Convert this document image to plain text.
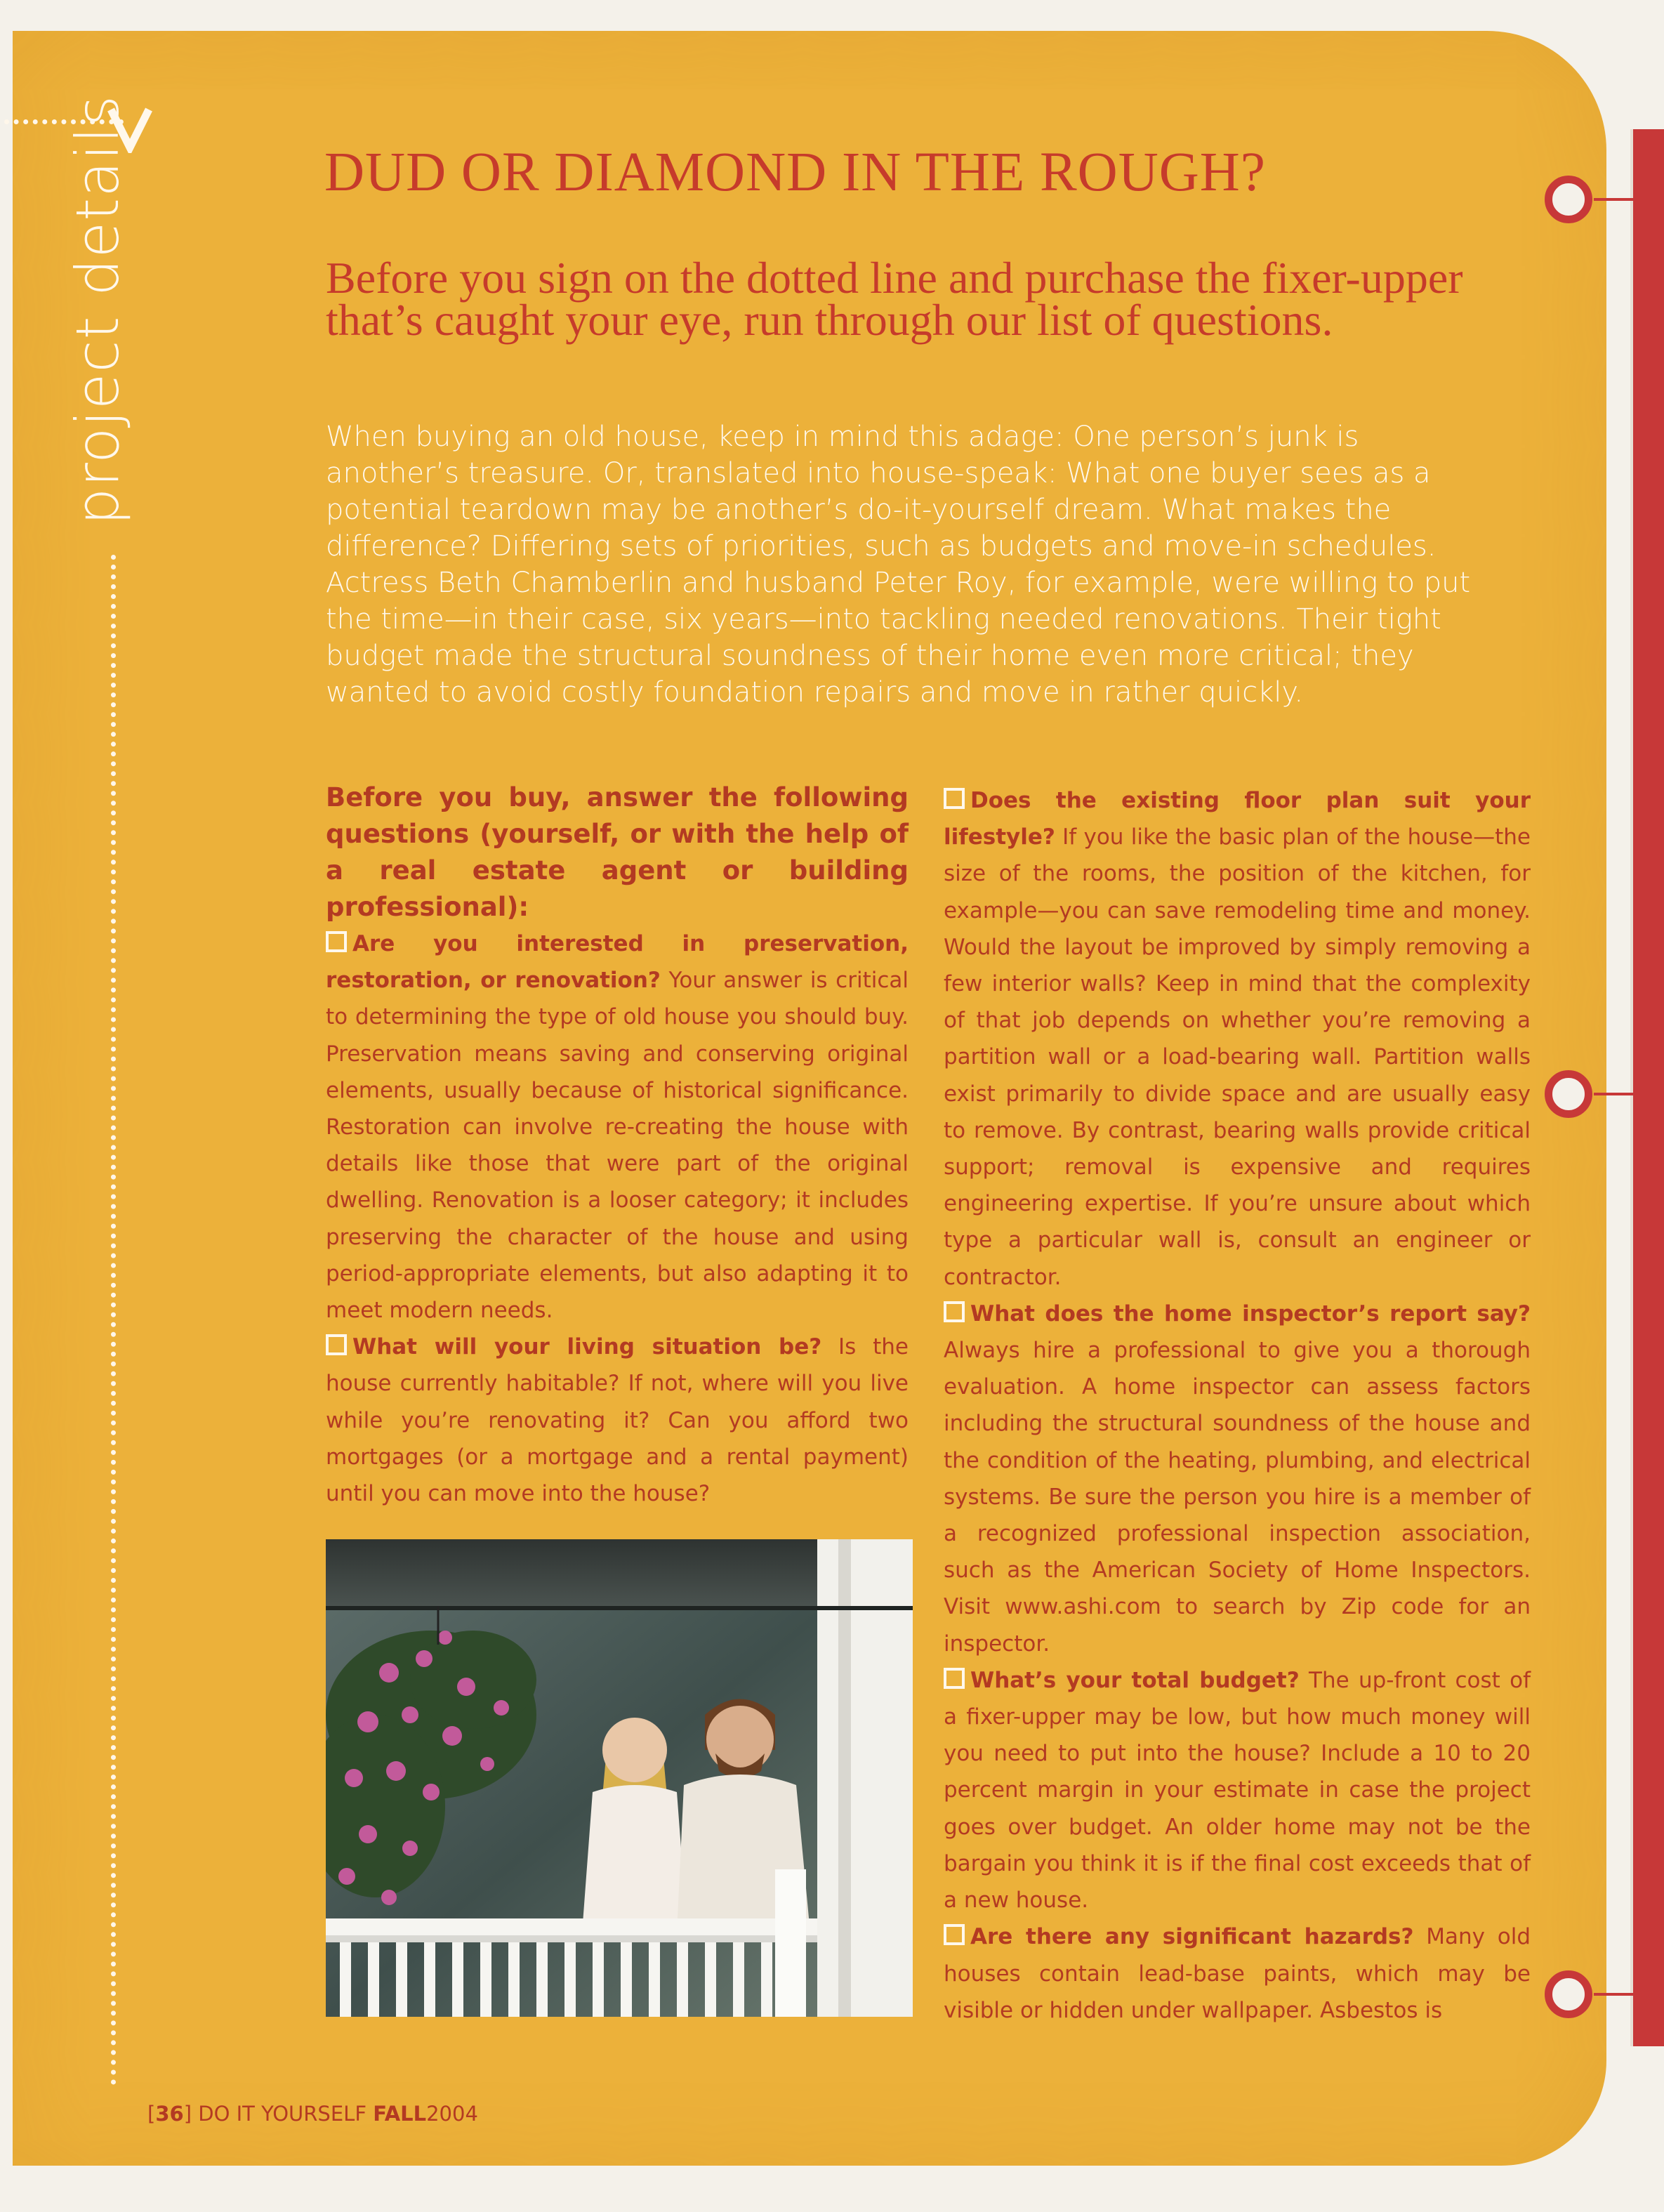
project details	DUD OR DIAMOND IN THE ROUGH?
Before you sign on the dotted line and purchase the fixer-upper that’s caught your eye, run through our list of questions.
When buying an old house, keep in mind this adage: One person’s junk is another’s treasure. Or, translated into house-speak: What one buyer sees as a potential teardown may be another’s do-it-yourself dream. What makes the difference? Differing sets of priorities, such as budgets and move-in schedules. Actress Beth Chamberlin and husband Peter Roy, for example, were willing to put the time—in their case, six years—into tackling needed renovations. Their tight budget made the structural soundness of their home even more critical; they wanted to avoid costly foundation repairs and move in rather quickly.

Before you buy, answer the following questions (yourself, or with the help of a real estate agent or building professional):

Are you interested in preservation, restoration, or renovation? Your answer is critical to determining the type of old house you should buy. Preservation means saving and conserving original elements, usually because of historical significance. Restoration can involve re-creating the house with details like those that were part of the original dwelling. Renovation is a looser category; it includes preserving the character of the house and using period-appropriate elements, but also adapting it to meet modern needs.

What will your living situation be? Is the house currently habitable? If not, where will you live while you’re renovating it? Can you afford two mortgages (or a mortgage and a rental payment) until you can move into the house?

Does the existing floor plan suit your lifestyle? If you like the basic plan of the house—the size of the rooms, the position of the kitchen, for example—you can save remodeling time and money. Would the layout be improved by simply removing a few interior walls? Keep in mind that the complexity of that job depends on whether you’re removing a partition wall or a load-bearing wall. Partition walls exist primarily to divide space and are usually easy to remove. By contrast, bearing walls provide critical support; removal is expensive and requires engineering expertise. If you’re unsure about which type a particular wall is, consult an engineer or contractor.

What does the home inspector’s report say? Always hire a professional to give you a thorough evaluation. A home inspector can assess factors including the structural soundness of the house and the condition of the heating, plumbing, and electrical systems. Be sure the person you hire is a member of a recognized professional inspection association, such as the American Society of Home Inspectors. Visit www.ashi.com to search by Zip code for an inspector.

What’s your total budget? The up-front cost of a fixer-upper may be low, but how much money will you need to put into the house? Include a 10 to 20 percent margin in your estimate in case the project goes over budget. An older home may not be the bargain you think it is if the final cost exceeds that of a new house.

Are there any significant hazards? Many old houses contain lead-base paints, which may be visible or hidden under wallpaper. Asbestos is

[36] DO IT YOURSELF FALL2004
